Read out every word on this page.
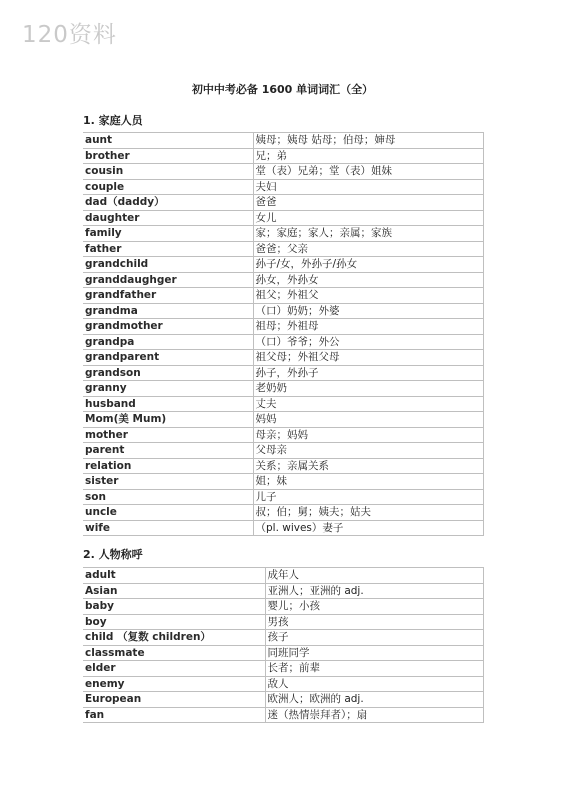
120资料
初中中考必备 1600 单词词汇（全）
1. 家庭人员
aunt	姨母；姨母 姑母；伯母；婶母
brother	兄；弟
cousin	堂（表）兄弟；堂（表）姐妹
couple	夫妇
dad（daddy）	爸爸
daughter	女儿
family	家；家庭；家人；亲属；家族
father	爸爸；父亲
grandchild	孙子/女，外孙子/孙女
granddaughger	孙女，外孙女
grandfather	祖父；外祖父
grandma	（口）奶奶；外婆
grandmother	祖母；外祖母
grandpa	（口）爷爷；外公
grandparent	祖父母；外祖父母
grandson	孙子，外孙子
granny	老奶奶
husband	丈夫
Mom(美 Mum)	妈妈
mother	母亲；妈妈
parent	父母亲
relation	关系；亲属关系
sister	姐；妹
son	儿子
uncle	叔；伯；舅；姨夫；姑夫
wife	（pl. wives）妻子
2. 人物称呼
adult	成年人
Asian	亚洲人；亚洲的 adj.
baby	婴儿；小孩
boy	男孩
child （复数 children）	孩子
classmate	同班同学
elder	长者；前辈
enemy	敌人
European	欧洲人；欧洲的 adj.
fan	迷（热情崇拜者）；扇
